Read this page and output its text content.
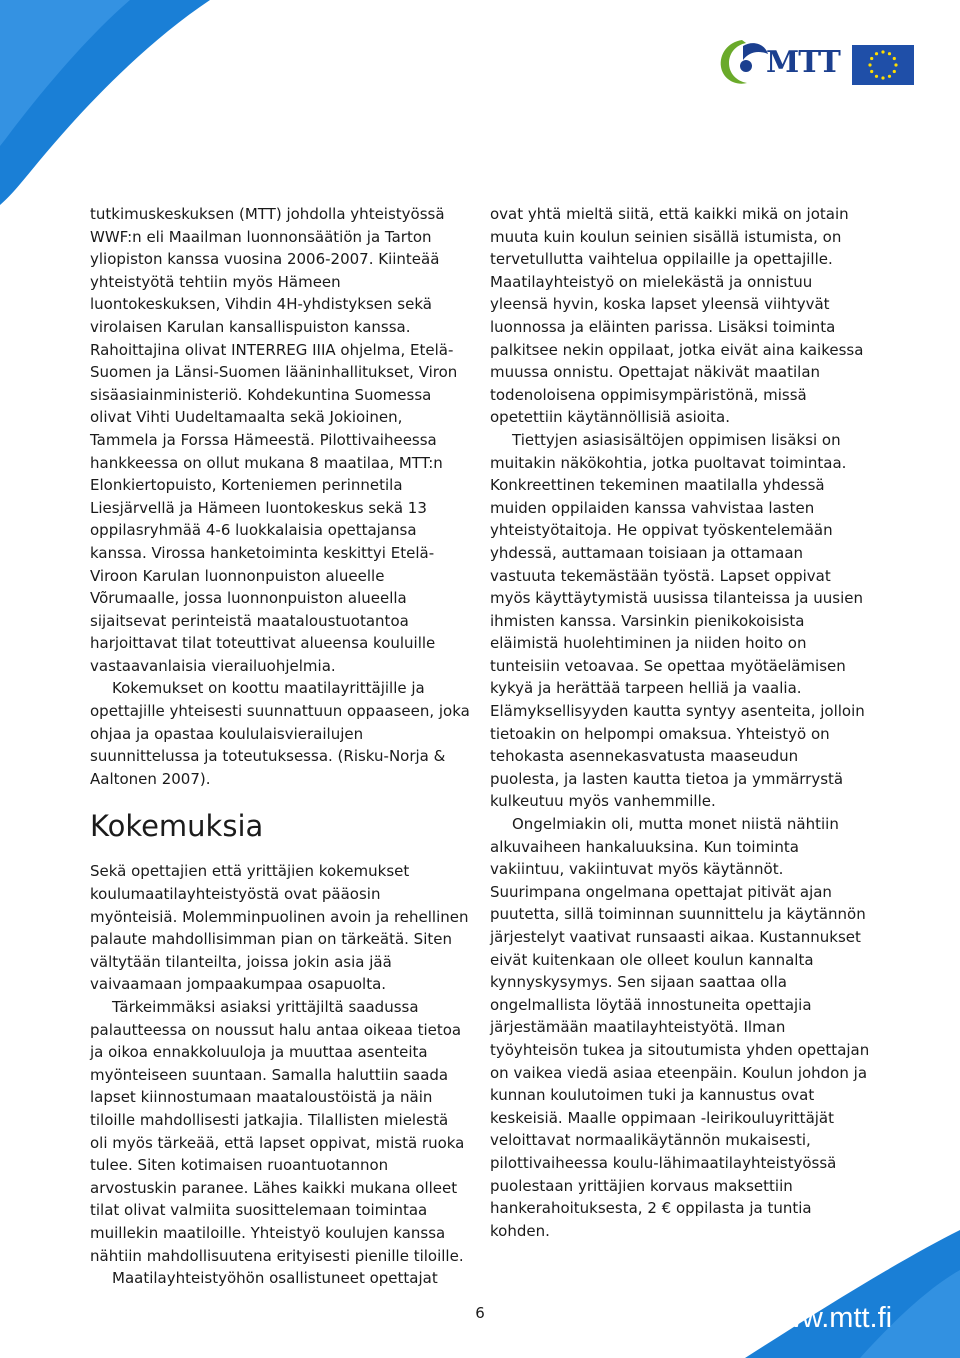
MTT

tutkimuskeskuksen (MTT) johdolla yhteistyössä WWF:n eli Maailman luonnonsäätiön ja Tarton yliopiston kanssa vuosina 2006-2007. Kiinteää yhteistyötä tehtiin myös Hämeen luontokeskuksen, Vihdin 4H-yhdistyksen sekä virolaisen Karulan kansallispuiston kanssa. Rahoittajina olivat INTERREG IIIA ohjelma, Etelä-Suomen ja Länsi-Suomen lääninhallitukset, Viron sisäasiainministeriö. Kohdekuntina Suomessa olivat Vihti Uudeltamaalta sekä Jokioinen, Tammela ja Forssa Hämeestä. Pilottivaiheessa hankkeessa on ollut mukana 8 maatilaa, MTT:n Elonkiertopuisto, Korteniemen perinnetila Liesjärvellä ja Hämeen luontokeskus sekä 13 oppilasryhmää 4-6 luokkalaisia opettajansa kanssa. Virossa hanketoiminta keskittyi Etelä-Viroon Karulan luonnonpuiston alueelle Võrumaalle, jossa luonnonpuiston alueella sijaitsevat perinteistä maataloustuotantoa harjoittavat tilat toteuttivat alueensa kouluille vastaavanlaisia vierailuohjelmia.

Kokemukset on koottu maatilayrittäjille ja opettajille yhteisesti suunnattuun oppaaseen, joka ohjaa ja opastaa koululaisvierailujen suunnittelussa ja toteutuksessa. (Risku-Norja & Aaltonen 2007).

Kokemuksia

Sekä opettajien että yrittäjien kokemukset koulumaatilayhteistyöstä ovat pääosin myönteisiä. Molemminpuolinen avoin ja rehellinen palaute mahdollisimman pian on tärkeätä. Siten vältytään tilanteilta, joissa jokin asia jää vaivaamaan jompaakumpaa osapuolta.

Tärkeimmäksi asiaksi yrittäjiltä saadussa palautteessa on noussut halu antaa oikeaa tietoa ja oikoa ennakkoluuloja ja muuttaa asenteita myönteiseen suuntaan. Samalla haluttiin saada lapset kiinnostumaan maataloustöistä ja näin tiloille mahdollisesti jatkajia. Tilallisten mielestä oli myös tärkeää, että lapset oppivat, mistä ruoka tulee. Siten kotimaisen ruoantuotannon arvostuskin paranee. Lähes kaikki mukana olleet tilat olivat valmiita suosittelemaan toimintaa muillekin maatiloille. Yhteistyö koulujen kanssa nähtiin mahdollisuutena erityisesti pienille tiloille.

Maatilayhteistyöhön osallistuneet opettajat

ovat yhtä mieltä siitä, että kaikki mikä on jotain muuta kuin koulun seinien sisällä istumista, on tervetullutta vaihtelua oppilaille ja opettajille. Maatilayhteistyö on mielekästä ja onnistuu yleensä hyvin, koska lapset yleensä viihtyvät luonnossa ja eläinten parissa. Lisäksi toiminta palkitsee nekin oppilaat, jotka eivät aina kaikessa muussa onnistu. Opettajat näkivät maatilan todenoloisena oppimisympäristönä, missä opetettiin käytännöllisiä asioita.

Tiettyjen asiasisältöjen oppimisen lisäksi on muitakin näkökohtia, jotka puoltavat toimintaa. Konkreettinen tekeminen maatilalla yhdessä muiden oppilaiden kanssa vahvistaa lasten yhteistyötaitoja. He oppivat työskentelemään yhdessä, auttamaan toisiaan ja ottamaan vastuuta tekemästään työstä. Lapset oppivat myös käyttäytymistä uusissa tilanteissa ja uusien ihmisten kanssa. Varsinkin pienikokoisista eläimistä huolehtiminen ja niiden hoito on tunteisiin vetoavaa. Se opettaa myötäelämisen kykyä ja herättää tarpeen helliä ja vaalia. Elämyksellisyyden kautta syntyy asenteita, jolloin tietoakin on helpompi omaksua. Yhteistyö on tehokasta asennekasvatusta maaseudun puolesta, ja lasten kautta tietoa ja ymmärrystä kulkeutuu myös vanhemmille.

Ongelmiakin oli, mutta monet niistä nähtiin alkuvaiheen hankaluuksina. Kun toiminta vakiintuu, vakiintuvat myös käytännöt. Suurimpana ongelmana opettajat pitivät ajan puutetta, sillä toiminnan suunnittelu ja käytännön järjestelyt vaativat runsaasti aikaa. Kustannukset eivät kuitenkaan ole olleet koulun kannalta kynnyskysymys. Sen sijaan saattaa olla ongelmallista löytää innostuneita opettajia järjestämään maatilayhteistyötä. Ilman työyhteisön tukea ja sitoutumista yhden opettajan on vaikea viedä asiaa eteenpäin. Koulun johdon ja kunnan koulutoimen tuki ja kannustus ovat keskeisiä. Maalle oppimaan -leirikouluyrittäjät veloittavat normaalikäytännön mukaisesti, pilottivaiheessa koulu-lähimaatilayhteistyössä puolestaan yrittäjien korvaus maksettiin hankerahoituksesta, 2 € oppilasta ja tuntia kohden.

6	www.mtt.fi
